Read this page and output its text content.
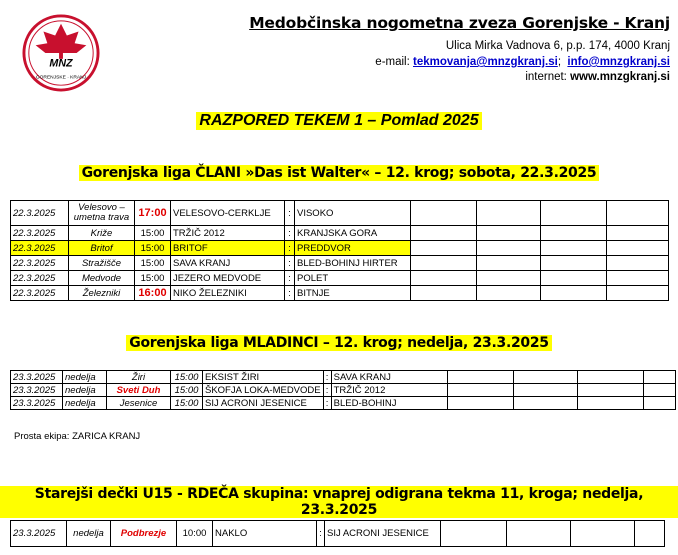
MNZ
GORENJSKE · KRANJ
Medobčinska nogometna zveza Gorenjske - Kranj
Ulica Mirka Vadnova 6, p.p. 174, 4000 Kranj
e-mail: tekmovanja@mnzgkranj.si;  info@mnzgkranj.si
internet: www.mnzgkranj.si
RAZPORED TEKEM 1 – Pomlad 2025
Gorenjska liga ČLANI »Das ist Walter« – 12. krog; sobota, 22.3.2025
22.3.2025	Velesovo – umetna trava	17:00	VELESOVO-CERKLJE	:	VISOKO				
22.3.2025	Križe	15:00	TRŽIČ 2012	:	KRANJSKA GORA				
22.3.2025	Britof	15:00	BRITOF	:	PREDDVOR				
22.3.2025	Stražišče	15:00	SAVA KRANJ	:	BLED-BOHINJ HIRTER				
22.3.2025	Medvode	15:00	JEZERO MEDVODE	:	POLET				
22.3.2025	Železniki	16:00	NIKO ŽELEZNIKI	:	BITNJE				
Gorenjska liga MLADINCI – 12. krog; nedelja, 23.3.2025
23.3.2025	nedelja	Žiri	15:00	EKSIST ŽIRI	:	SAVA KRANJ				
23.3.2025	nedelja	Sveti Duh	15:00	ŠKOFJA LOKA-MEDVODE	:	TRŽIČ 2012				
23.3.2025	nedelja	Jesenice	15:00	SIJ ACRONI JESENICE	:	BLED-BOHINJ				
Prosta ekipa: ZARICA KRANJ
Starejši dečki U15 - RDEČA skupina: vnaprej odigrana tekma 11, kroga; nedelja, 23.3.2025
23.3.2025	nedelja	Podbrezje	10:00	NAKLO	:	SIJ ACRONI JESENICE				
